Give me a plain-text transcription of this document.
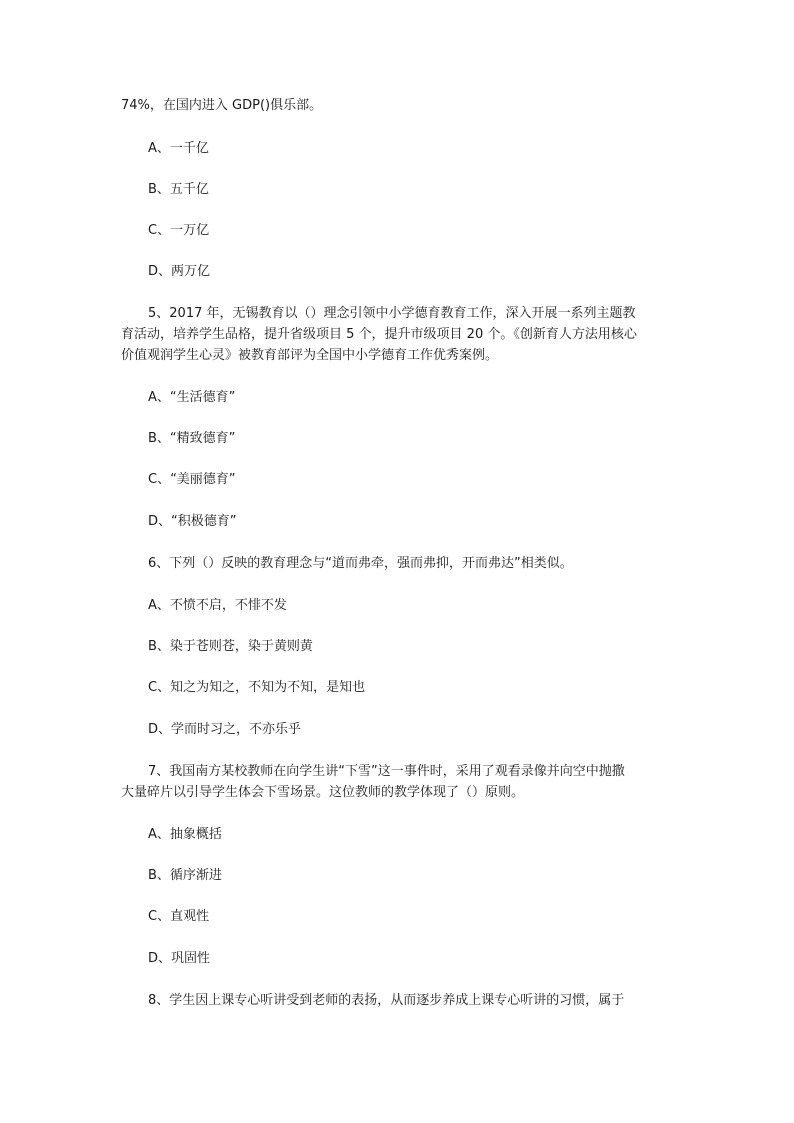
74%，在国内进入 GDP()俱乐部。
A、一千亿
B、五千亿
C、一万亿
D、两万亿
5、2017 年，无锡教育以（）理念引领中小学德育教育工作，深入开展一系列主题教
育活动，培养学生品格，提升省级项目 5 个，提升市级项目 20 个。《创新育人方法用核心
价值观润学生心灵》被教育部评为全国中小学德育工作优秀案例。
A、“生活德育”
B、“精致德育”
C、“美丽德育”
D、“积极德育”
6、下列（）反映的教育理念与“道而弗牵，强而弗抑，开而弗达”相类似。
A、不愤不启，不悱不发
B、染于苍则苍，染于黄则黄
C、知之为知之，不知为不知，是知也
D、学而时习之，不亦乐乎
7、我国南方某校教师在向学生讲“下雪”这一事件时，采用了观看录像并向空中抛撒
大量碎片以引导学生体会下雪场景。这位教师的教学体现了（）原则。
A、抽象概括
B、循序渐进
C、直观性
D、巩固性
8、学生因上课专心听讲受到老师的表扬，从而逐步养成上课专心听讲的习惯，属于
